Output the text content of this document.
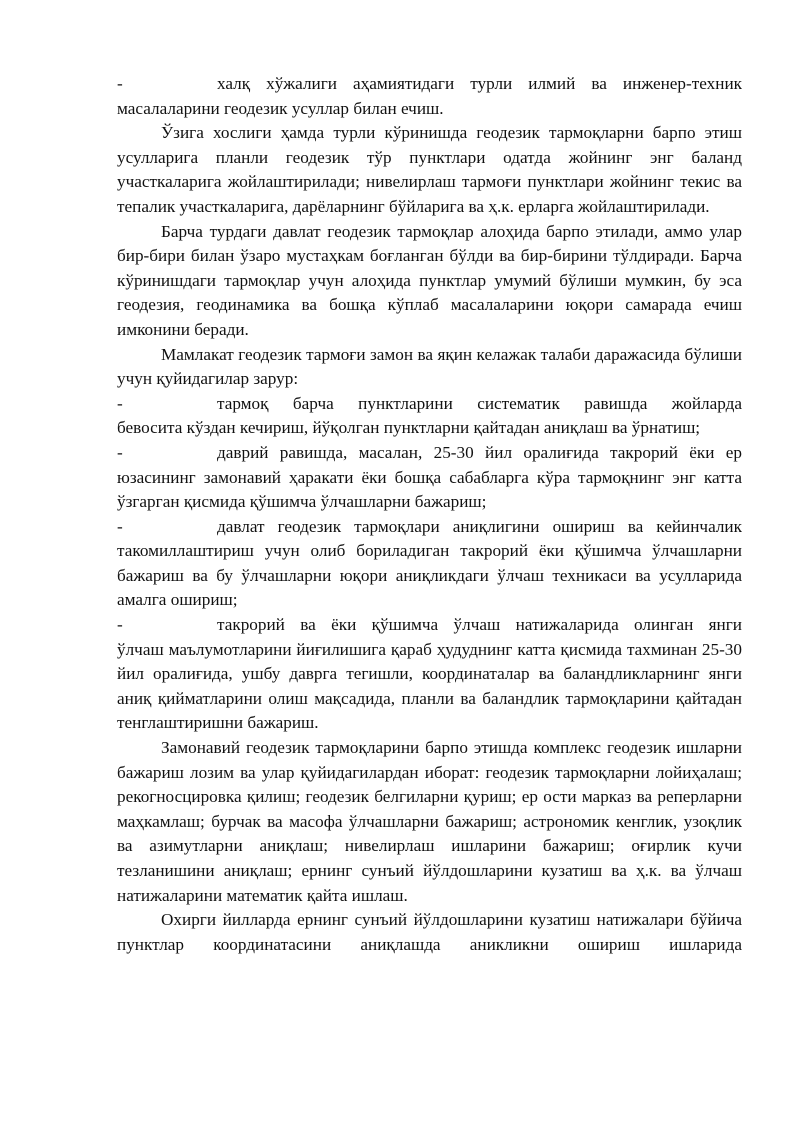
-	халқ хўжалиги аҳамиятидаги турли илмий ва инженер-техник

масалаларини геодезик усуллар билан ечиш.

Ўзига хослиги ҳамда турли кўринишда геодезик тармоқларни барпо этиш усулларига планли геодезик тўр пунктлари одатда жойнинг энг баланд участкаларига жойлаштирилади; нивелирлаш тармоғи пунктлари жойнинг текис ва тепалик участкаларига, дарёларнинг бўйларига ва ҳ.к. ерларга жойлаштирилади.

Барча турдаги давлат геодезик тармоқлар алоҳида барпо этилади, аммо улар бир-бири билан ўзаро мустаҳкам боғланган бўлди ва бир-бирини тўлдиради. Барча кўринишдаги тармоқлар учун алоҳида пунктлар умумий бўлиши мумкин, бу эса геодезия, геодинамика ва бошқа кўплаб масалаларини юқори самарада ечиш имконини беради.

Мамлакат геодезик тармоғи замон ва яқин келажак талаби даражасида бўлиши учун қуйидагилар зарур:

-	тармоқ барча пунктларини систематик равишда жойларда

бевосита кўздан кечириш, йўқолган пунктларни қайтадан аниқлаш ва ўрнатиш;

-	даврий равишда, масалан, 25-30 йил оралиғида такрорий ёки ер

юзасининг замонавий ҳаракати ёки бошқа сабабларга кўра тармоқнинг энг катта ўзгарган қисмида қўшимча ўлчашларни бажариш;

-	давлат геодезик тармоқлари аниқлигини ошириш ва кейинчалик

такомиллаштириш учун олиб бориладиган такрорий ёки қўшимча ўлчашларни бажариш ва бу ўлчашларни юқори аниқликдаги ўлчаш техникаси ва усулларида амалга ошириш;

-	такрорий ва ёки қўшимча ўлчаш натижаларида олинган янги

ўлчаш маълумотларини йиғилишига қараб ҳудуднинг катта қисмида тахминан 25-30 йил оралиғида, ушбу даврга тегишли, координаталар ва баландликларнинг янги аниқ қийматларини олиш мақсадида, планли ва баландлик тармоқларини қайтадан тенглаштиришни бажариш.

Замонавий геодезик тармоқларини барпо этишда комплекс геодезик ишларни бажариш лозим ва улар қуйидагилардан иборат: геодезик тармоқларни лойиҳалаш; рекогносцировка қилиш; геодезик белгиларни қуриш; ер ости марказ ва реперларни маҳкамлаш; бурчак ва масофа ўлчашларни бажариш; астрономик кенглик, узоқлик ва азимутларни аниқлаш; нивелирлаш ишларини бажариш; оғирлик кучи тезланишини аниқлаш; ернинг сунъий йўлдошларини кузатиш ва ҳ.к. ва ўлчаш натижаларини математик қайта ишлаш.

Охирги йилларда ернинг сунъий йўлдошларини кузатиш натижалари бўйича пунктлар координатасини аниқлашда аникликни ошириш ишларида
